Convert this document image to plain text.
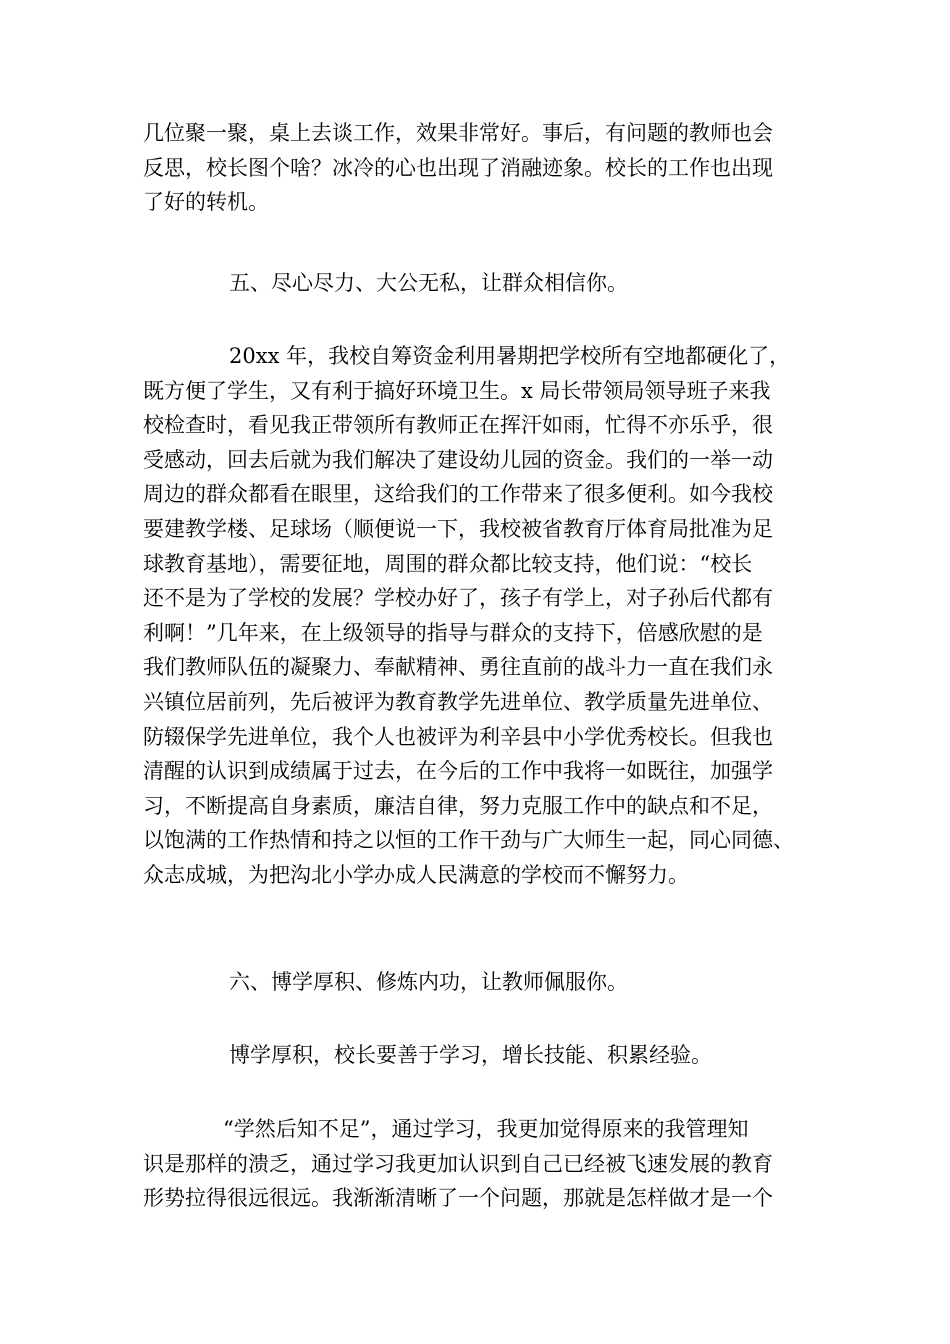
几位聚一聚，桌上去谈工作，效果非常好。事后，有问题的教师也会
反思，校长图个啥？冰冷的心也出现了消融迹象。校长的工作也出现
了好的转机。
五、尽心尽力、大公无私，让群众相信你。
20xx 年，我校自筹资金利用暑期把学校所有空地都硬化了，
既方便了学生，又有利于搞好环境卫生。x 局长带领局领导班子来我
校检查时，看见我正带领所有教师正在挥汗如雨，忙得不亦乐乎，很
受感动，回去后就为我们解决了建设幼儿园的资金。我们的一举一动
周边的群众都看在眼里，这给我们的工作带来了很多便利。如今我校
要建教学楼、足球场（顺便说一下，我校被省教育厅体育局批准为足
球教育基地），需要征地，周围的群众都比较支持，他们说：“校长
还不是为了学校的发展？学校办好了，孩子有学上，对子孙后代都有
利啊！”几年来，在上级领导的指导与群众的支持下，倍感欣慰的是
我们教师队伍的凝聚力、奉献精神、勇往直前的战斗力一直在我们永
兴镇位居前列，先后被评为教育教学先进单位、教学质量先进单位、
防辍保学先进单位，我个人也被评为利辛县中小学优秀校长。但我也
清醒的认识到成绩属于过去，在今后的工作中我将一如既往，加强学
习，不断提高自身素质，廉洁自律，努力克服工作中的缺点和不足，
以饱满的工作热情和持之以恒的工作干劲与广大师生一起，同心同德、
众志成城，为把沟北小学办成人民满意的学校而不懈努力。
六、博学厚积、修炼内功，让教师佩服你。
博学厚积，校长要善于学习，增长技能、积累经验。
“学然后知不足”，通过学习，我更加觉得原来的我管理知
识是那样的溃乏，通过学习我更加认识到自己已经被飞速发展的教育
形势拉得很远很远。我渐渐清晰了一个问题，那就是怎样做才是一个
